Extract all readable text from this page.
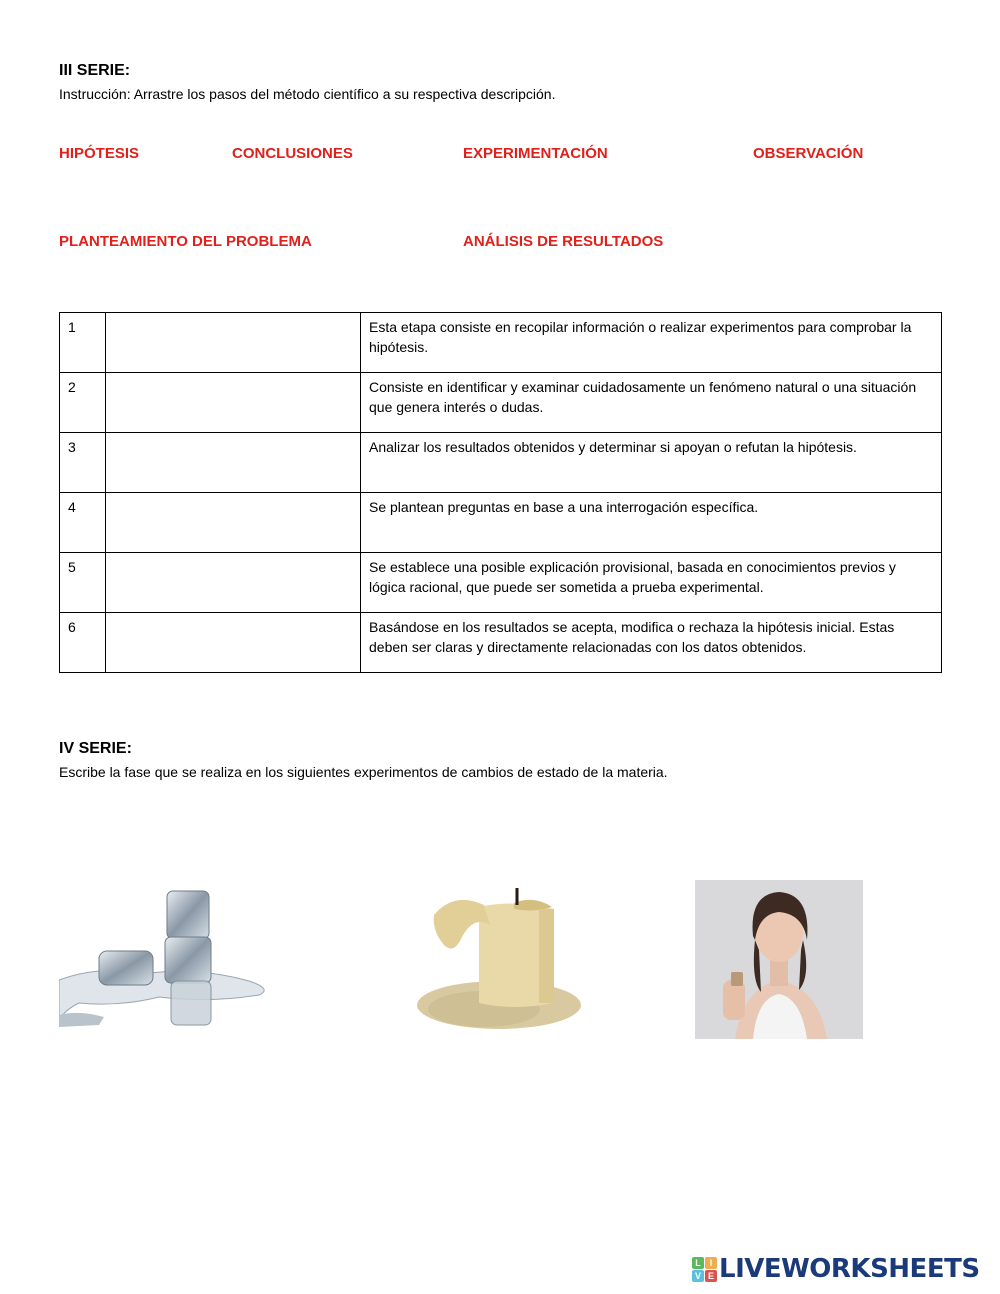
III SERIE:
Instrucción: Arrastre los pasos del método científico a su respectiva descripción.
HIPÓTESIS	CONCLUSIONES	EXPERIMENTACIÓN	OBSERVACIÓN
PLANTEAMIENTO DEL PROBLEMA	ANÁLISIS DE RESULTADOS
1		Esta etapa consiste en recopilar información o realizar experimentos para comprobar la hipótesis.
2		Consiste en identificar y examinar cuidadosamente un fenómeno natural o una situación que genera interés o dudas.
3		Analizar los resultados obtenidos y determinar si apoyan o refutan la hipótesis.
4		Se plantean preguntas en base a una interrogación específica.
5		Se establece una posible explicación provisional, basada en conocimientos previos y lógica racional, que puede ser sometida a prueba experimental.
6		Basándose en los resultados se acepta, modifica o rechaza la hipótesis inicial. Estas deben ser claras y directamente relacionadas con los datos obtenidos.
IV SERIE:
Escribe la fase que se realiza en los siguientes experimentos de cambios de estado de la materia.
L I
V E LIVEWORKSHEETS
